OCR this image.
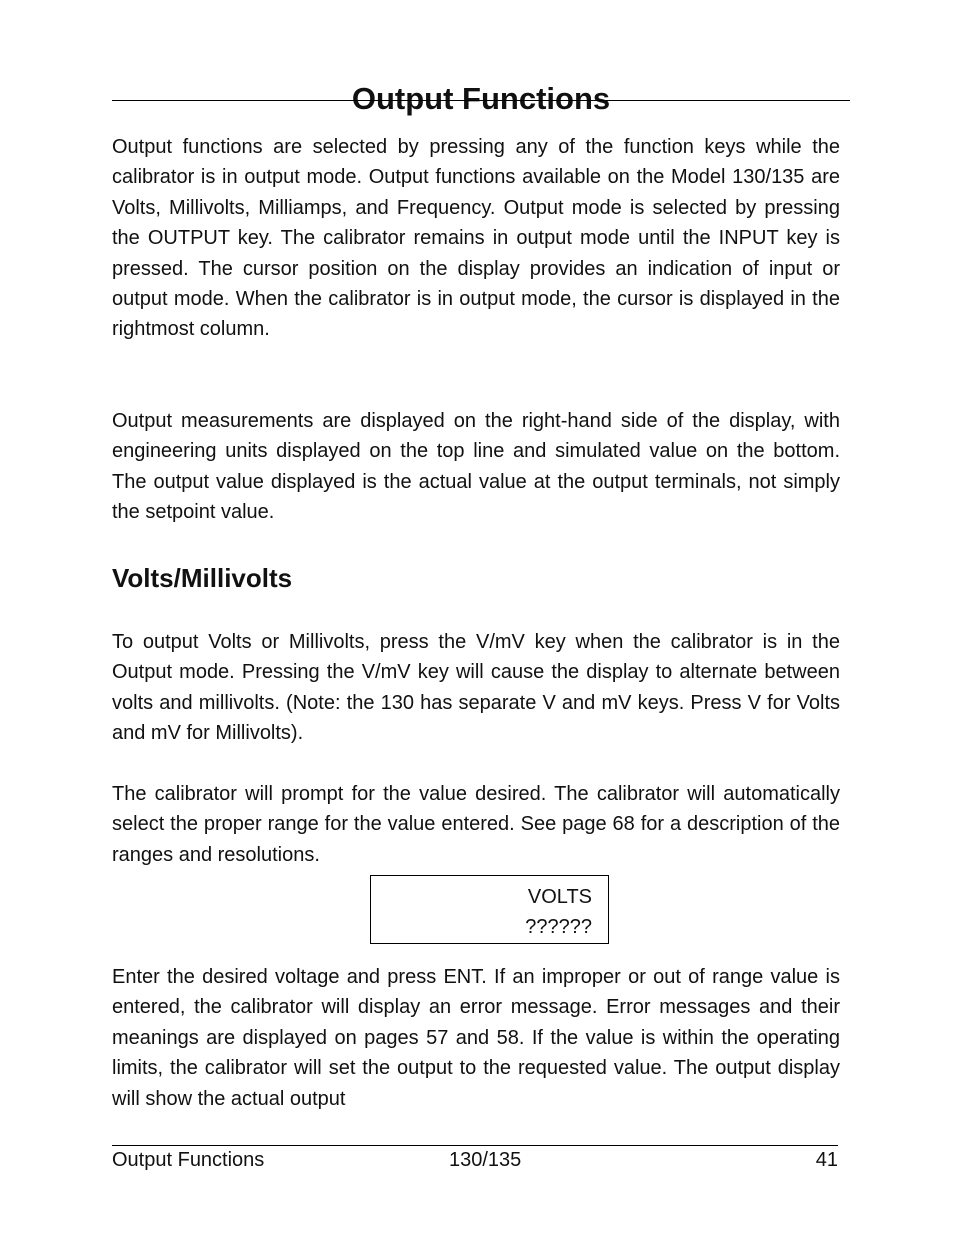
Output Functions

Output functions are selected by pressing any of the function keys while the calibrator is in output mode. Output functions available on the Model 130/135 are Volts, Millivolts, Milliamps, and Frequency. Output mode is selected by pressing the OUTPUT key. The calibrator remains in output mode until the INPUT key is pressed. The cursor position on the display provides an indication of input or output mode. When the calibrator is in output mode, the cursor is displayed in the rightmost column.

Output measurements are displayed on the right-hand side of the display, with engineering units displayed on the top line and simulated value on the bottom. The output value displayed is the actual value at the output terminals, not simply the setpoint value.

Volts/Millivolts

To output Volts or Millivolts, press the V/mV key when the calibrator is in the Output mode. Pressing the V/mV key will cause the display to alternate between volts and millivolts. (Note: the 130 has separate V and mV keys. Press V for Volts and mV for Millivolts).

The calibrator will prompt for the value desired. The calibrator will automatically select the proper range for the value entered. See page 68 for a description of the ranges and resolutions.

VOLTS
??????

Enter the desired voltage and press ENT. If an improper or out of range value is entered, the calibrator will display an error message. Error messages and their meanings are displayed on pages 57 and 58. If the value is within the operating limits, the calibrator will set the output to the requested value. The output display will show the actual output

Output Functions	130/135	41
